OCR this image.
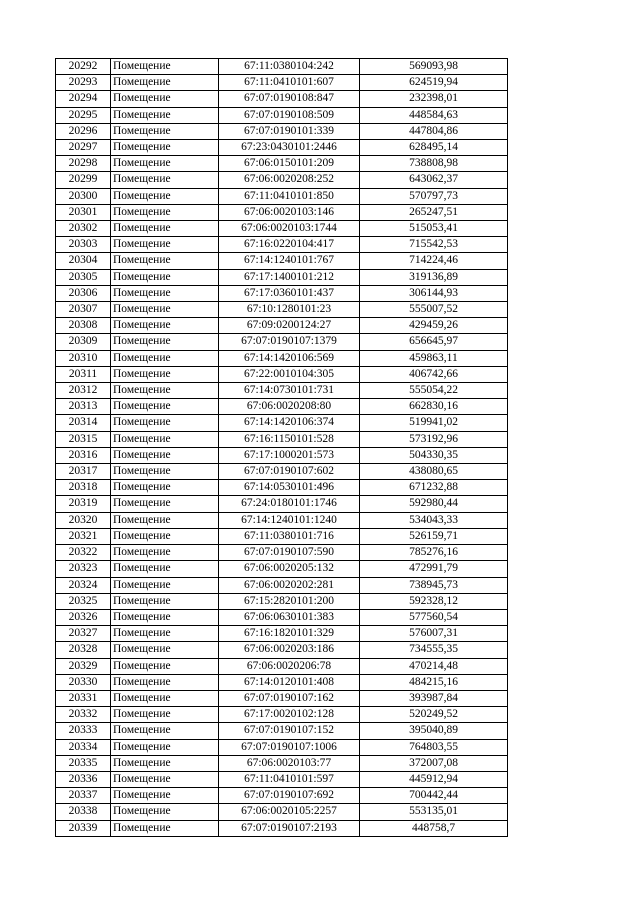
20292	Помещение	67:11:0380104:242	569093,98
20293	Помещение	67:11:0410101:607	624519,94
20294	Помещение	67:07:0190108:847	232398,01
20295	Помещение	67:07:0190108:509	448584,63
20296	Помещение	67:07:0190101:339	447804,86
20297	Помещение	67:23:0430101:2446	628495,14
20298	Помещение	67:06:0150101:209	738808,98
20299	Помещение	67:06:0020208:252	643062,37
20300	Помещение	67:11:0410101:850	570797,73
20301	Помещение	67:06:0020103:146	265247,51
20302	Помещение	67:06:0020103:1744	515053,41
20303	Помещение	67:16:0220104:417	715542,53
20304	Помещение	67:14:1240101:767	714224,46
20305	Помещение	67:17:1400101:212	319136,89
20306	Помещение	67:17:0360101:437	306144,93
20307	Помещение	67:10:1280101:23	555007,52
20308	Помещение	67:09:0200124:27	429459,26
20309	Помещение	67:07:0190107:1379	656645,97
20310	Помещение	67:14:1420106:569	459863,11
20311	Помещение	67:22:0010104:305	406742,66
20312	Помещение	67:14:0730101:731	555054,22
20313	Помещение	67:06:0020208:80	662830,16
20314	Помещение	67:14:1420106:374	519941,02
20315	Помещение	67:16:1150101:528	573192,96
20316	Помещение	67:17:1000201:573	504330,35
20317	Помещение	67:07:0190107:602	438080,65
20318	Помещение	67:14:0530101:496	671232,88
20319	Помещение	67:24:0180101:1746	592980,44
20320	Помещение	67:14:1240101:1240	534043,33
20321	Помещение	67:11:0380101:716	526159,71
20322	Помещение	67:07:0190107:590	785276,16
20323	Помещение	67:06:0020205:132	472991,79
20324	Помещение	67:06:0020202:281	738945,73
20325	Помещение	67:15:2820101:200	592328,12
20326	Помещение	67:06:0630101:383	577560,54
20327	Помещение	67:16:1820101:329	576007,31
20328	Помещение	67:06:0020203:186	734555,35
20329	Помещение	67:06:0020206:78	470214,48
20330	Помещение	67:14:0120101:408	484215,16
20331	Помещение	67:07:0190107:162	393987,84
20332	Помещение	67:17:0020102:128	520249,52
20333	Помещение	67:07:0190107:152	395040,89
20334	Помещение	67:07:0190107:1006	764803,55
20335	Помещение	67:06:0020103:77	372007,08
20336	Помещение	67:11:0410101:597	445912,94
20337	Помещение	67:07:0190107:692	700442,44
20338	Помещение	67:06:0020105:2257	553135,01
20339	Помещение	67:07:0190107:2193	448758,7
